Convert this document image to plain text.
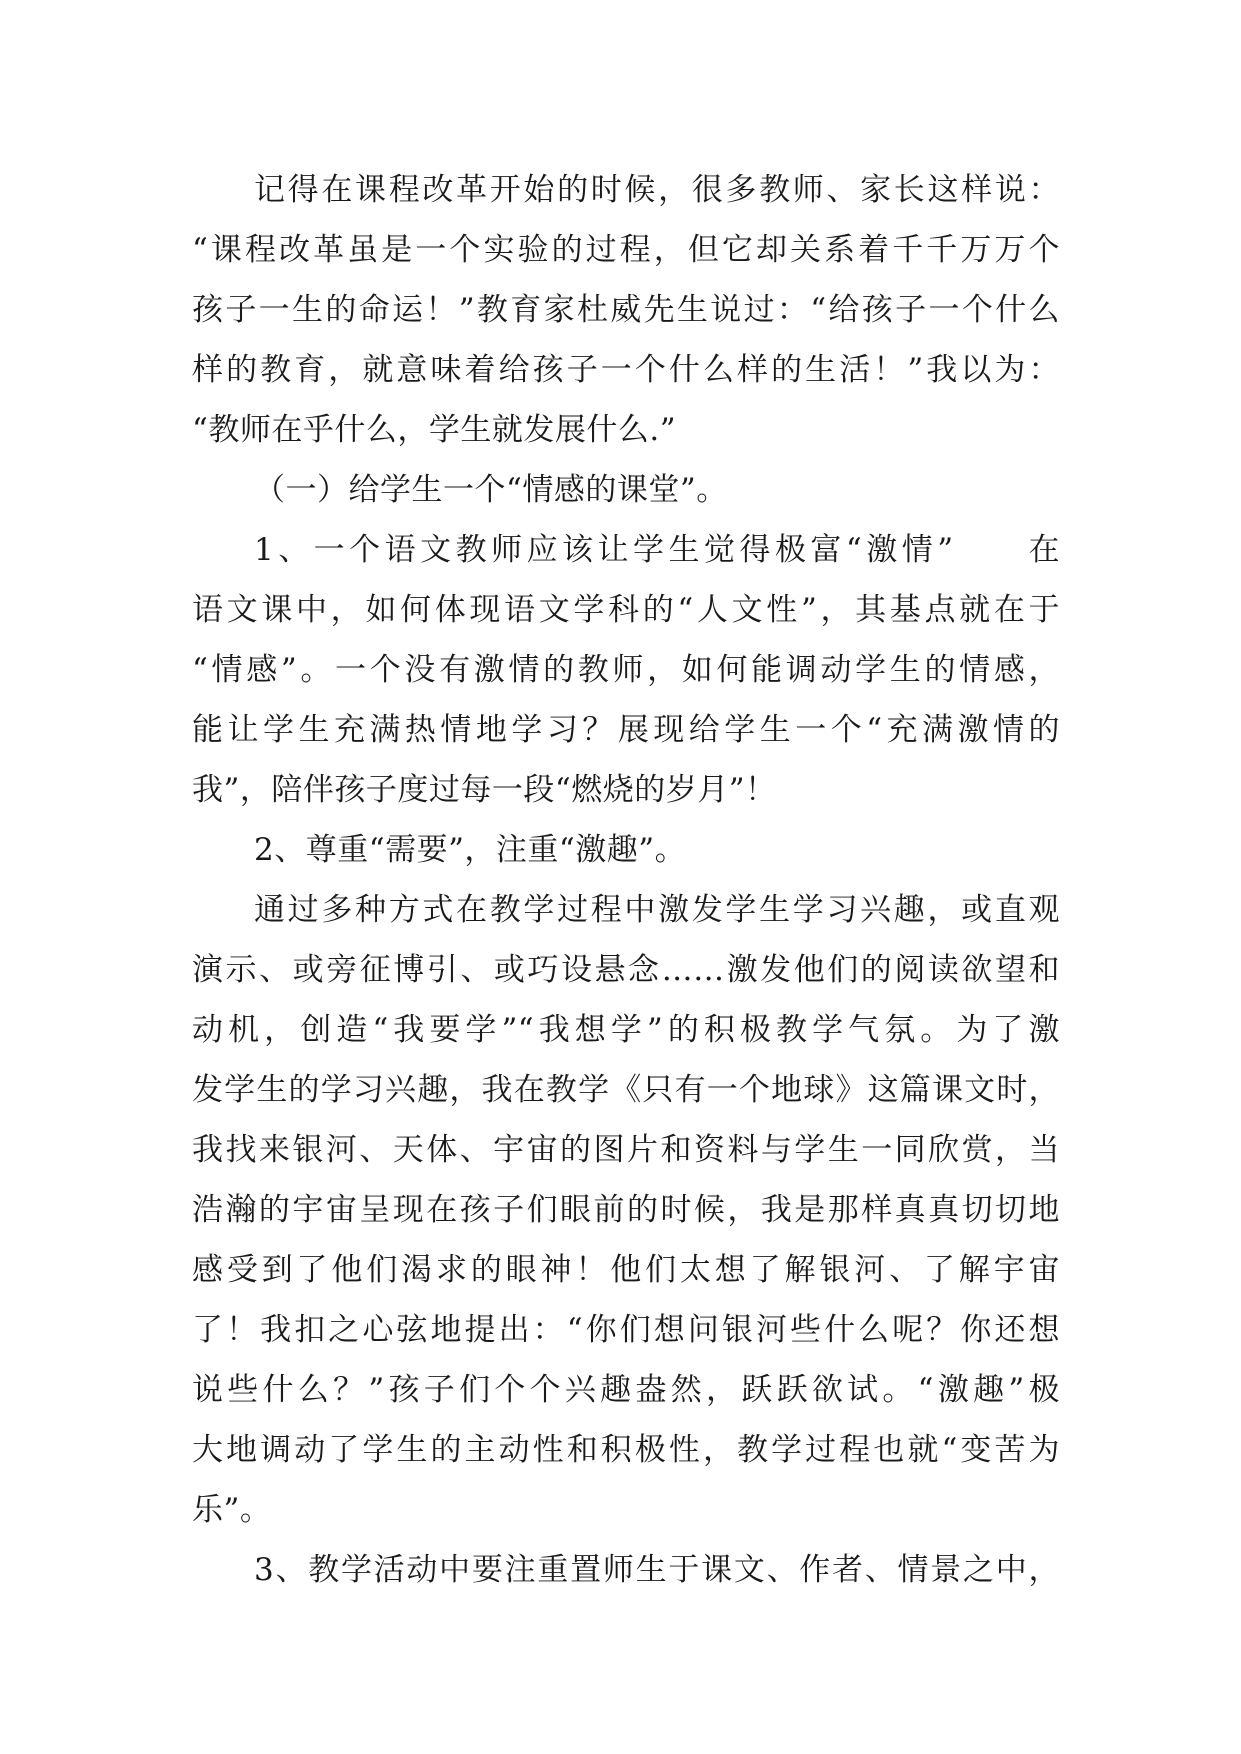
记得在课程改革开始的时候，很多教师、家长这样说：
“课程改革虽是一个实验的过程，但它却关系着千千万万个
孩子一生的命运！”教育家杜威先生说过：“给孩子一个什么
样的教育，就意味着给孩子一个什么样的生活！”我以为：
“教师在乎什么，学生就发展什么.”
（一）给学生一个“情感的课堂”。
1、一个语文教师应该让学生觉得极富“激情”　　在
语文课中，如何体现语文学科的“人文性”，其基点就在于
“情感”。一个没有激情的教师，如何能调动学生的情感，
能让学生充满热情地学习？展现给学生一个“充满激情的
我”，陪伴孩子度过每一段“燃烧的岁月”！
2、尊重“需要”，注重“激趣”。
通过多种方式在教学过程中激发学生学习兴趣，或直观
演示、或旁征博引、或巧设悬念……激发他们的阅读欲望和
动机，创造“我要学”“我想学”的积极教学气氛。为了激
发学生的学习兴趣，我在教学《只有一个地球》这篇课文时，
我找来银河、天体、宇宙的图片和资料与学生一同欣赏，当
浩瀚的宇宙呈现在孩子们眼前的时候，我是那样真真切切地
感受到了他们渴求的眼神！他们太想了解银河、了解宇宙
了！我扣之心弦地提出：“你们想问银河些什么呢？你还想
说些什么？”孩子们个个兴趣盎然，跃跃欲试。“激趣”极
大地调动了学生的主动性和积极性，教学过程也就“变苦为
乐”。
3、教学活动中要注重置师生于课文、作者、情景之中，
